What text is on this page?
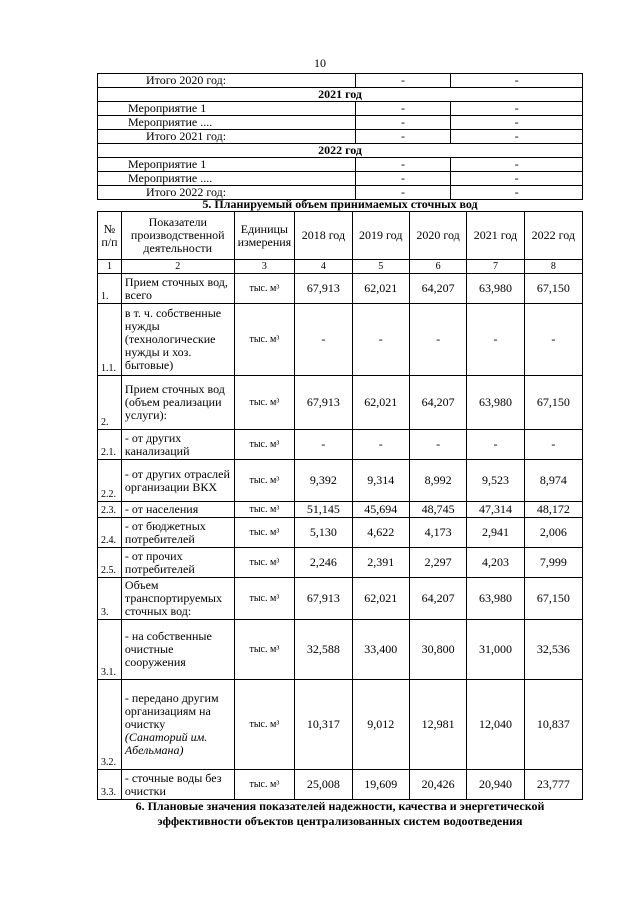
10
Итого 2020 год:	-	-
2021 год		
Мероприятие 1	-	-
Мероприятие ....	-	-
Итого 2021 год:	-	-
2022 год		
Мероприятие 1	-	-
Мероприятие ....	-	-
Итого 2022 год:	-	-
5. Планируемый объем принимаемых сточных вод
№ п/п	Показатели производственной деятельности	Единицы измерения	2018 год	2019 год	2020 год	2021 год	2022 год
1	2	3	4	5	6	7	8
1.	Прием сточных вод, всего	тыс. м³	67,913	62,021	64,207	63,980	67,150
1.1.	в т. ч. собственные нужды (технологические нужды и хоз. бытовые)	тыс. м³	-	-	-	-	-
2.	Прием сточных вод (объем реализации услуги):	тыс. м³	67,913	62,021	64,207	63,980	67,150
2.1.	- от других канализаций	тыс. м³	-	-	-	-	-
2.2.	- от других отраслей организации ВКХ	тыс. м³	9,392	9,314	8,992	9,523	8,974
2.3.	- от населения	тыс. м³	51,145	45,694	48,745	47,314	48,172
2.4.	- от бюджетных потребителей	тыс. м³	5,130	4,622	4,173	2,941	2,006
2.5.	- от прочих потребителей	тыс. м³	2,246	2,391	2,297	4,203	7,999
3.	Объем транспортируемых сточных вод:	тыс. м³	67,913	62,021	64,207	63,980	67,150
3.1.	- на собственные очистные сооружения	тыс. м³	32,588	33,400	30,800	31,000	32,536
3.2.	- передано другим организациям на очистку (Санаторий им. Абельмана)	тыс. м³	10,317	9,012	12,981	12,040	10,837
3.3.	- сточные воды без очистки	тыс. м³	25,008	19,609	20,426	20,940	23,777
6. Плановые значения показателей надежности, качества и энергетической эффективности объектов централизованных систем водоотведения
